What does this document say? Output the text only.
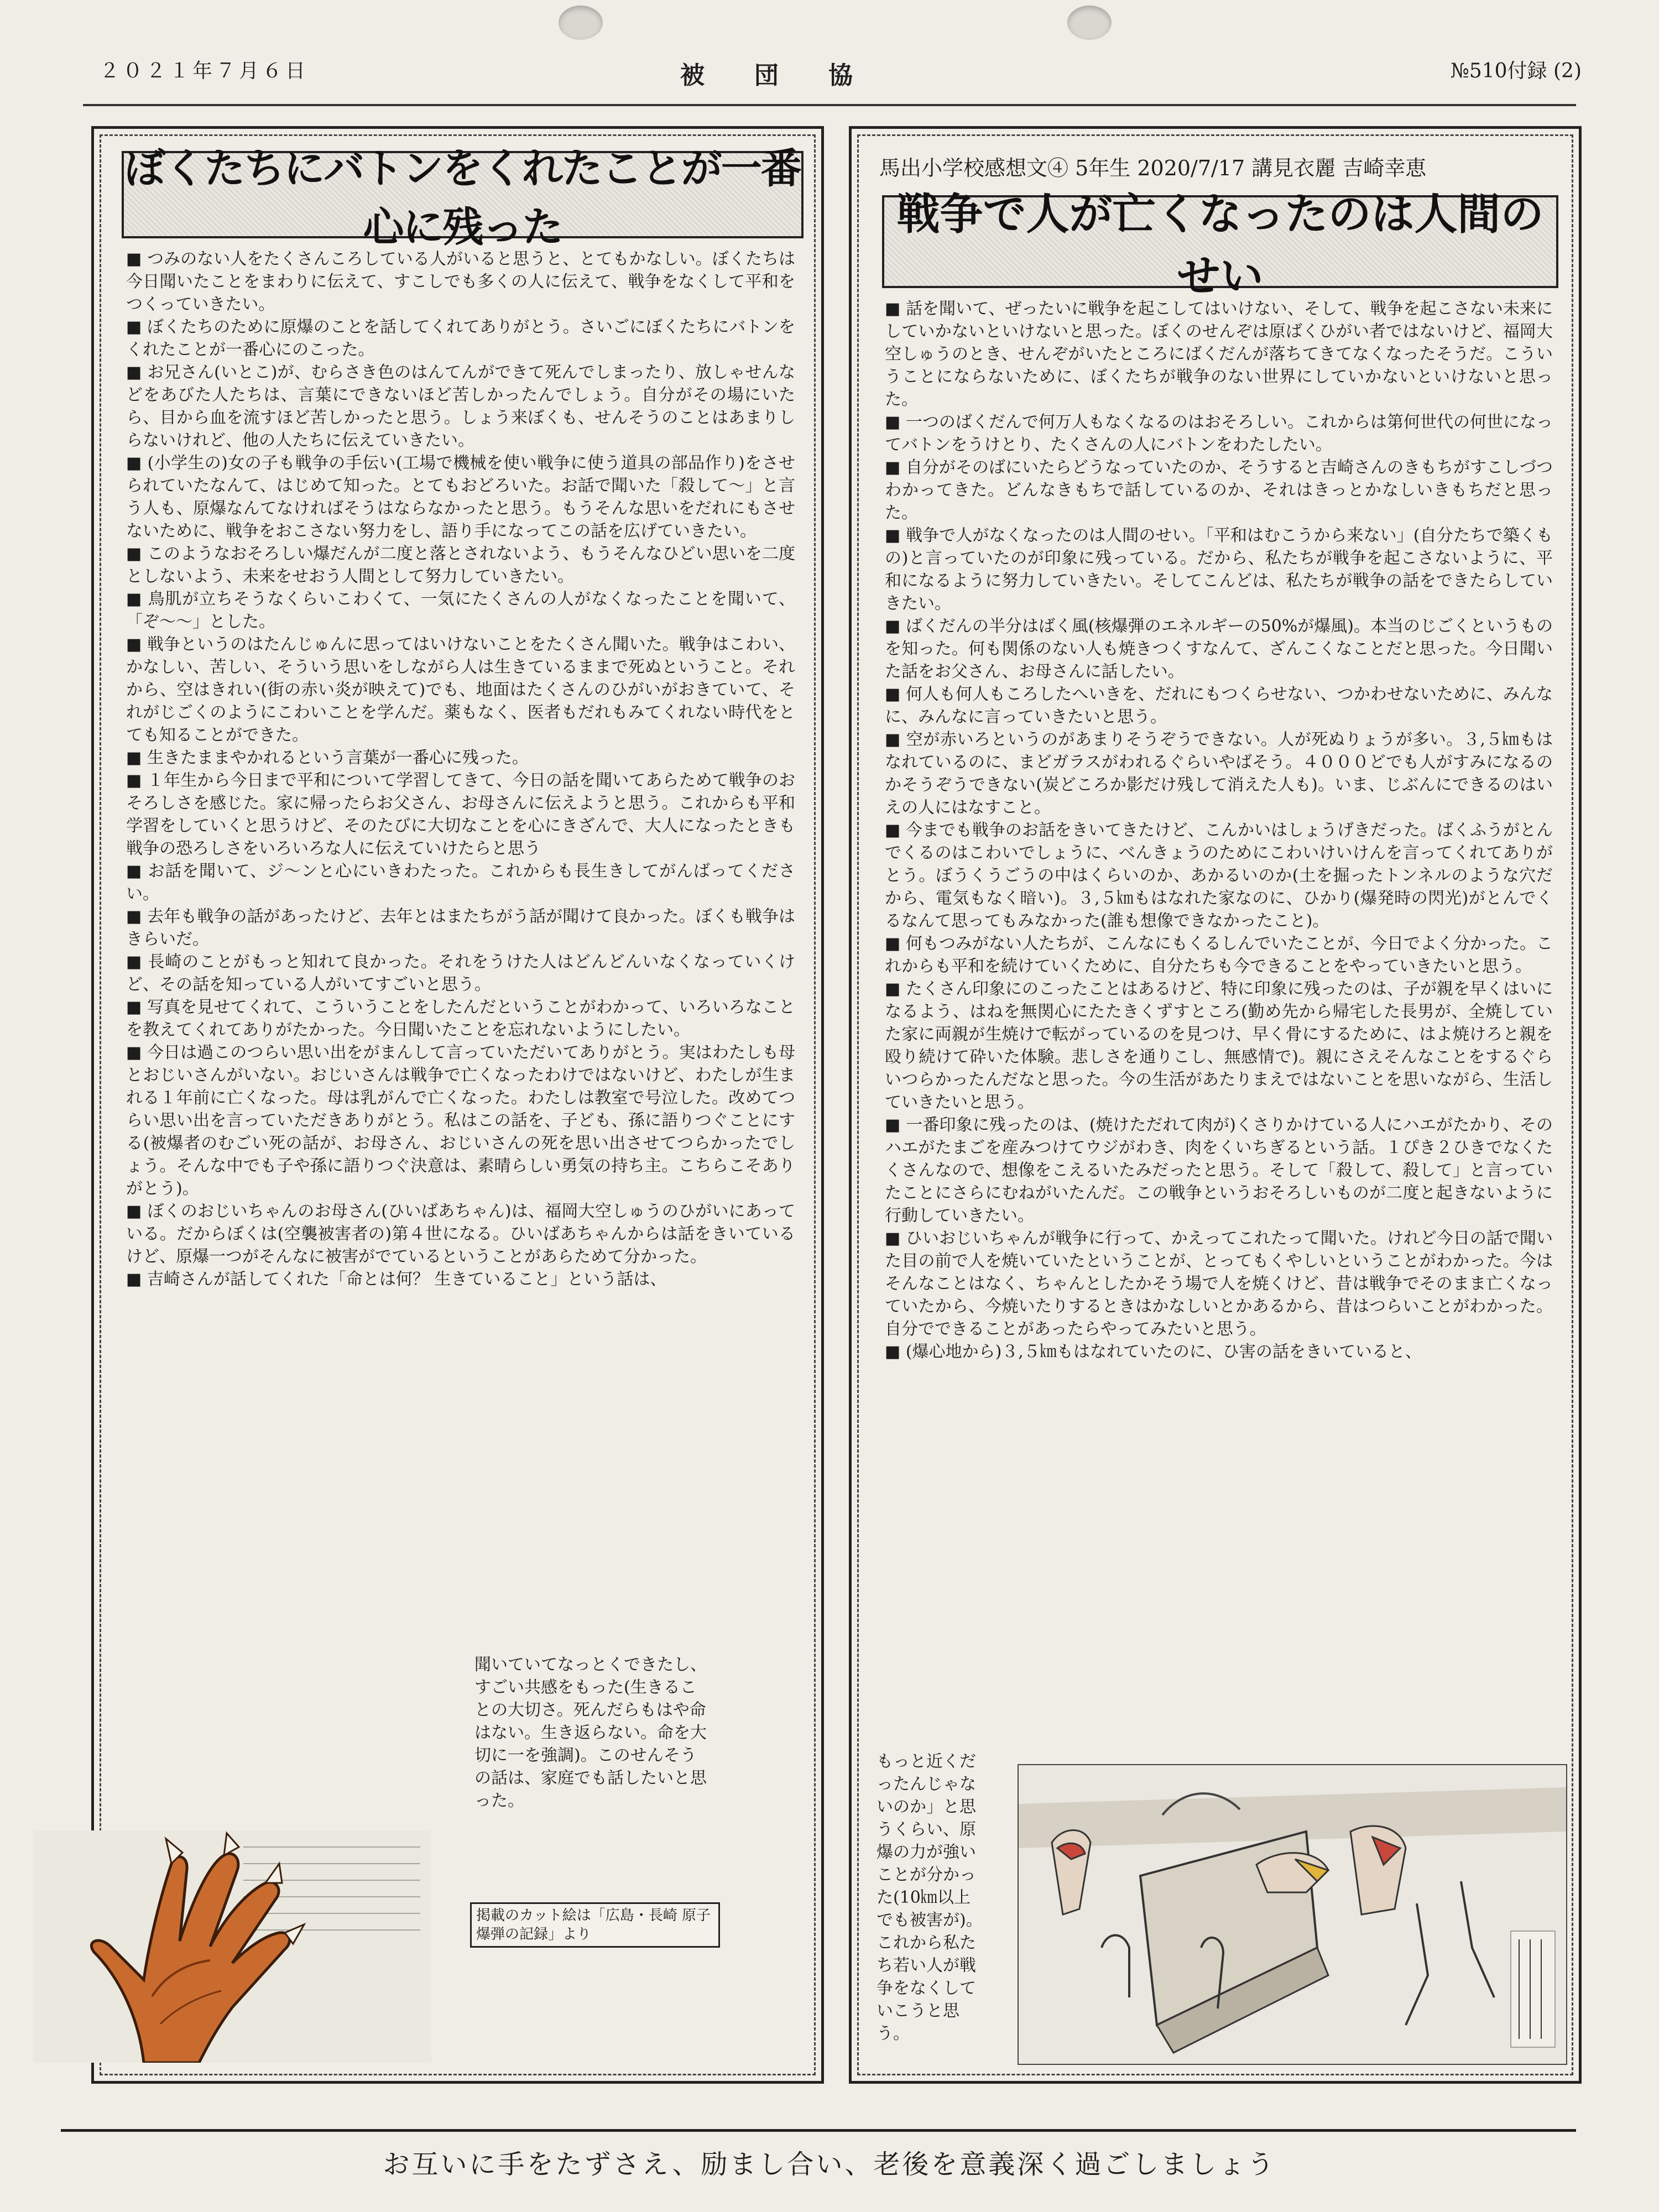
２０２１年７月６日	被団協	№510付録 (2)
ぼくたちにバトンをくれたことが一番心に残った

■ つみのない人をたくさんころしている人がいると思うと、とてもかなしい。ぼくたちは今日聞いたことをまわりに伝えて、すこしでも多くの人に伝えて、戦争をなくして平和をつくっていきたい。

■ ぼくたちのために原爆のことを話してくれてありがとう。さいごにぼくたちにバトンをくれたことが一番心にのこった。

■ お兄さん(いとこ)が、むらさき色のはんてんができて死んでしまったり、放しゃせんなどをあびた人たちは、言葉にできないほど苦しかったんでしょう。自分がその場にいたら、目から血を流すほど苦しかったと思う。しょう来ぼくも、せんそうのことはあまりしらないけれど、他の人たちに伝えていきたい。

■ (小学生の)女の子も戦争の手伝い(工場で機械を使い戦争に使う道具の部品作り)をさせられていたなんて、はじめて知った。とてもおどろいた。お話で聞いた「殺して～」と言う人も、原爆なんてなければそうはならなかったと思う。もうそんな思いをだれにもさせないために、戦争をおこさない努力をし、語り手になってこの話を広げていきたい。

■ このようなおそろしい爆だんが二度と落とされないよう、もうそんなひどい思いを二度としないよう、未来をせおう人間として努力していきたい。

■ 鳥肌が立ちそうなくらいこわくて、一気にたくさんの人がなくなったことを聞いて、「ぞ～～」とした。

■ 戦争というのはたんじゅんに思ってはいけないことをたくさん聞いた。戦争はこわい、かなしい、苦しい、そういう思いをしながら人は生きているままで死ぬということ。それから、空はきれい(街の赤い炎が映えて)でも、地面はたくさんのひがいがおきていて、それがじごくのようにこわいことを学んだ。薬もなく、医者もだれもみてくれない時代をとても知ることができた。

■ 生きたままやかれるという言葉が一番心に残った。

■ １年生から今日まで平和について学習してきて、今日の話を聞いてあらためて戦争のおそろしさを感じた。家に帰ったらお父さん、お母さんに伝えようと思う。これからも平和学習をしていくと思うけど、そのたびに大切なことを心にきざんで、大人になったときも戦争の恐ろしさをいろいろな人に伝えていけたらと思う

■ お話を聞いて、ジ～ンと心にいきわたった。これからも長生きしてがんばってください。

■ 去年も戦争の話があったけど、去年とはまたちがう話が聞けて良かった。ぼくも戦争はきらいだ。

■ 長崎のことがもっと知れて良かった。それをうけた人はどんどんいなくなっていくけど、その話を知っている人がいてすごいと思う。

■ 写真を見せてくれて、こういうことをしたんだということがわかって、いろいろなことを教えてくれてありがたかった。今日聞いたことを忘れないようにしたい。

■ 今日は過このつらい思い出をがまんして言っていただいてありがとう。実はわたしも母とおじいさんがいない。おじいさんは戦争で亡くなったわけではないけど、わたしが生まれる１年前に亡くなった。母は乳がんで亡くなった。わたしは教室で号泣した。改めてつらい思い出を言っていただきありがとう。私はこの話を、子ども、孫に語りつぐことにする(被爆者のむごい死の話が、お母さん、おじいさんの死を思い出させてつらかったでしょう。そんな中でも子や孫に語りつぐ決意は、素晴らしい勇気の持ち主。こちらこそありがとう)。

■ ぼくのおじいちゃんのお母さん(ひいばあちゃん)は、福岡大空しゅうのひがいにあっている。だからぼくは(空襲被害者の)第４世になる。ひいばあちゃんからは話をきいているけど、原爆一つがそんなに被害がでているということがあらためて分かった。

■ 吉崎さんが話してくれた「命とは何？ 生きていること」という話は、

聞いていてなっとくできたし、すごい共感をもった(生きることの大切さ。死んだらもはや命はない。生き返らない。命を大切に一を強調)。このせんそうの話は、家庭でも話したいと思った。
掲載のカット絵は「広島・長崎 原子爆弾の記録」より
馬出小学校感想文④ 5年生 2020/7/17 講見衣麗 吉崎幸恵
戦争で人が亡くなったのは人間のせい

■ 話を聞いて、ぜったいに戦争を起こしてはいけない、そして、戦争を起こさない未来にしていかないといけないと思った。ぼくのせんぞは原ばくひがい者ではないけど、福岡大空しゅうのとき、せんぞがいたところにばくだんが落ちてきてなくなったそうだ。こういうことにならないために、ぼくたちが戦争のない世界にしていかないといけないと思った。

■ 一つのばくだんで何万人もなくなるのはおそろしい。これからは第何世代の何世になってバトンをうけとり、たくさんの人にバトンをわたしたい。

■ 自分がそのばにいたらどうなっていたのか、そうすると吉崎さんのきもちがすこしづつわかってきた。どんなきもちで話しているのか、それはきっとかなしいきもちだと思った。

■ 戦争で人がなくなったのは人間のせい。「平和はむこうから来ない」(自分たちで築くもの)と言っていたのが印象に残っている。だから、私たちが戦争を起こさないように、平和になるように努力していきたい。そしてこんどは、私たちが戦争の話をできたらしていきたい。

■ ばくだんの半分はばく風(核爆弾のエネルギーの50%が爆風)。本当のじごくというものを知った。何も関係のない人も焼きつくすなんて、ざんこくなことだと思った。今日聞いた話をお父さん、お母さんに話したい。

■ 何人も何人もころしたへいきを、だれにもつくらせない、つかわせないために、みんなに、みんなに言っていきたいと思う。

■ 空が赤いろというのがあまりそうぞうできない。人が死ぬりょうが多い。３,５㎞もはなれているのに、まどガラスがわれるぐらいやばそう。４０００どでも人がすみになるのかそうぞうできない(炭どころか影だけ残して消えた人も)。いま、じぶんにできるのはいえの人にはなすこと。

■ 今までも戦争のお話をきいてきたけど、こんかいはしょうげきだった。ばくふうがとんでくるのはこわいでしょうに、べんきょうのためにこわいけいけんを言ってくれてありがとう。ぼうくうごうの中はくらいのか、あかるいのか(土を掘ったトンネルのような穴だから、電気もなく暗い)。３,５㎞もはなれた家なのに、ひかり(爆発時の閃光)がとんでくるなんて思ってもみなかった(誰も想像できなかったこと)。

■ 何もつみがない人たちが、こんなにもくるしんでいたことが、今日でよく分かった。これからも平和を続けていくために、自分たちも今できることをやっていきたいと思う。

■ たくさん印象にのこったことはあるけど、特に印象に残ったのは、子が親を早くはいになるよう、はねを無関心にたたきくずすところ(勤め先から帰宅した長男が、全焼していた家に両親が生焼けで転がっているのを見つけ、早く骨にするために、はよ焼けろと親を殴り続けて砕いた体験。悲しさを通りこし、無感情で)。親にさえそんなことをするぐらいつらかったんだなと思った。今の生活があたりまえではないことを思いながら、生活していきたいと思う。

■ 一番印象に残ったのは、(焼けただれて肉が)くさりかけている人にハエがたかり、そのハエがたまごを産みつけてウジがわき、肉をくいちぎるという話。１ぴき２ひきでなくたくさんなので、想像をこえるいたみだったと思う。そして「殺して、殺して」と言っていたことにさらにむねがいたんだ。この戦争というおそろしいものが二度と起きないように行動していきたい。

■ ひいおじいちゃんが戦争に行って、かえってこれたって聞いた。けれど今日の話で聞いた目の前で人を焼いていたということが、とってもくやしいということがわかった。今はそんなことはなく、ちゃんとしたかそう場で人を焼くけど、昔は戦争でそのまま亡くなっていたから、今焼いたりするときはかなしいとかあるから、昔はつらいことがわかった。自分でできることがあったらやってみたいと思う。

■ (爆心地から)３,５㎞もはなれていたのに、ひ害の話をきいていると、

もっと近くだったんじゃないのか」と思うくらい、原爆の力が強いことが分かった(10㎞以上でも被害が)。これから私たち若い人が戦争をなくしていこうと思う。
お互いに手をたずさえ、励まし合い、老後を意義深く過ごしましょう
